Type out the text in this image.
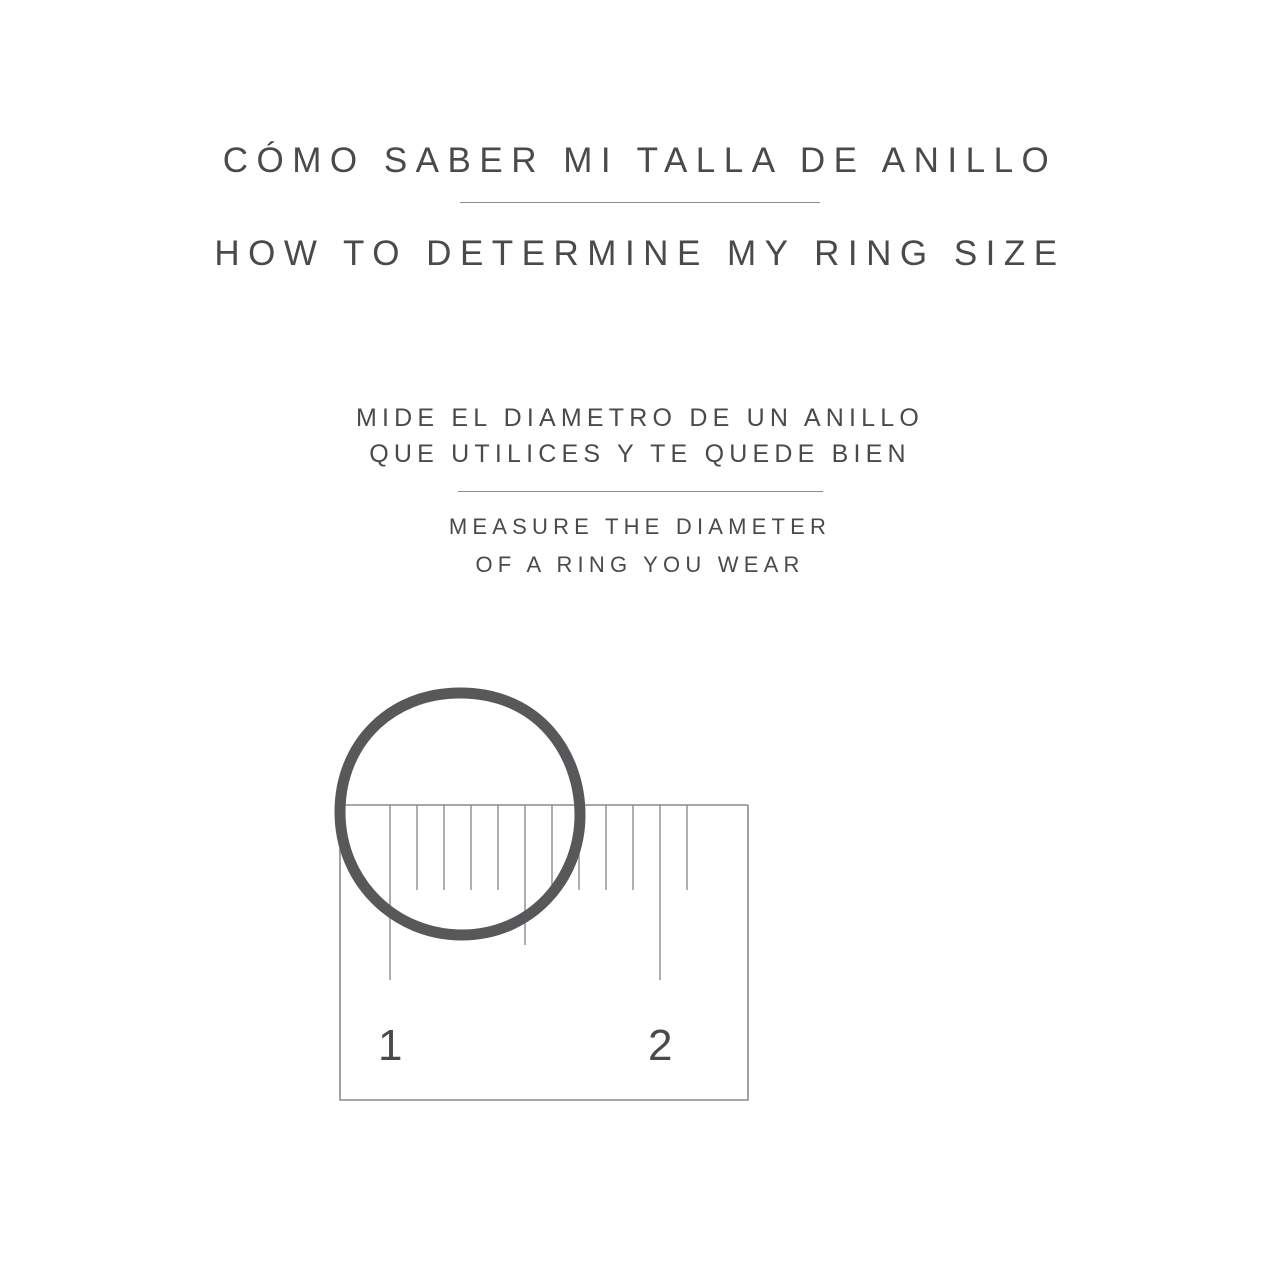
CÓMO SABER MI TALLA DE ANILLO
HOW TO DETERMINE MY RING SIZE
MIDE EL DIAMETRO DE UN ANILLO
QUE UTILICES Y TE QUEDE BIEN
MEASURE THE DIAMETER
OF A RING YOU WEAR
1	2
